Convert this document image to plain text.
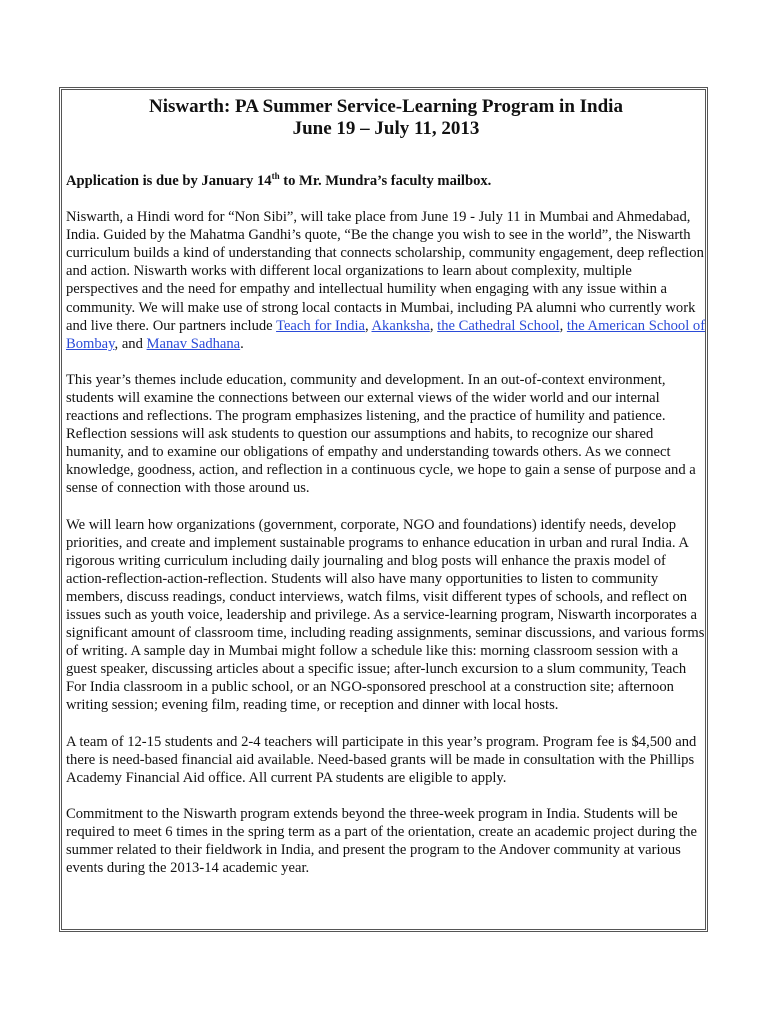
Niswarth: PA Summer Service-Learning Program in India
June 19 – July 11, 2013

Application is due by January 14th to Mr. Mundra’s faculty mailbox.

Niswarth, a Hindi word for “Non Sibi”, will take place from June 19 - July 11 in Mumbai and Ahmedabad, India. Guided by the Mahatma Gandhi’s quote, “Be the change you wish to see in the world”, the Niswarth curriculum builds a kind of understanding that connects scholarship, community engagement, deep reflection and action. Niswarth works with different local organizations to learn about complexity, multiple perspectives and the need for empathy and intellectual humility when engaging with any issue within a community. We will make use of strong local contacts in Mumbai, including PA alumni who currently work and live there. Our partners include Teach for India, Akanksha, the Cathedral School, the American School of Bombay, and Manav Sadhana.

This year’s themes include education, community and development. In an out-of-context environment, students will examine the connections between our external views of the wider world and our internal reactions and reflections. The program emphasizes listening, and the practice of humility and patience. Reflection sessions will ask students to question our assumptions and habits, to recognize our shared humanity, and to examine our obligations of empathy and understanding towards others. As we connect knowledge, goodness, action, and reflection in a continuous cycle, we hope to gain a sense of purpose and a sense of connection with those around us.

We will learn how organizations (government, corporate, NGO and foundations) identify needs, develop priorities, and create and implement sustainable programs to enhance education in urban and rural India. A rigorous writing curriculum including daily journaling and blog posts will enhance the praxis model of action-reflection-action-reflection. Students will also have many opportunities to listen to community members, discuss readings, conduct interviews, watch films, visit different types of schools, and reflect on issues such as youth voice, leadership and privilege. As a service-learning program, Niswarth incorporates a significant amount of classroom time, including reading assignments, seminar discussions, and various forms of writing. A sample day in Mumbai might follow a schedule like this: morning classroom session with a guest speaker, discussing articles about a specific issue; after-lunch excursion to a slum community, Teach For India classroom in a public school, or an NGO-sponsored preschool at a construction site; afternoon writing session; evening film, reading time, or reception and dinner with local hosts.

A team of 12-15 students and 2-4 teachers will participate in this year’s program. Program fee is $4,500 and there is need-based financial aid available. Need-based grants will be made in consultation with the Phillips Academy Financial Aid office. All current PA students are eligible to apply.

Commitment to the Niswarth program extends beyond the three-week program in India. Students will be required to meet 6 times in the spring term as a part of the orientation, create an academic project during the summer related to their fieldwork in India, and present the program to the Andover community at various events during the 2013-14 academic year.
